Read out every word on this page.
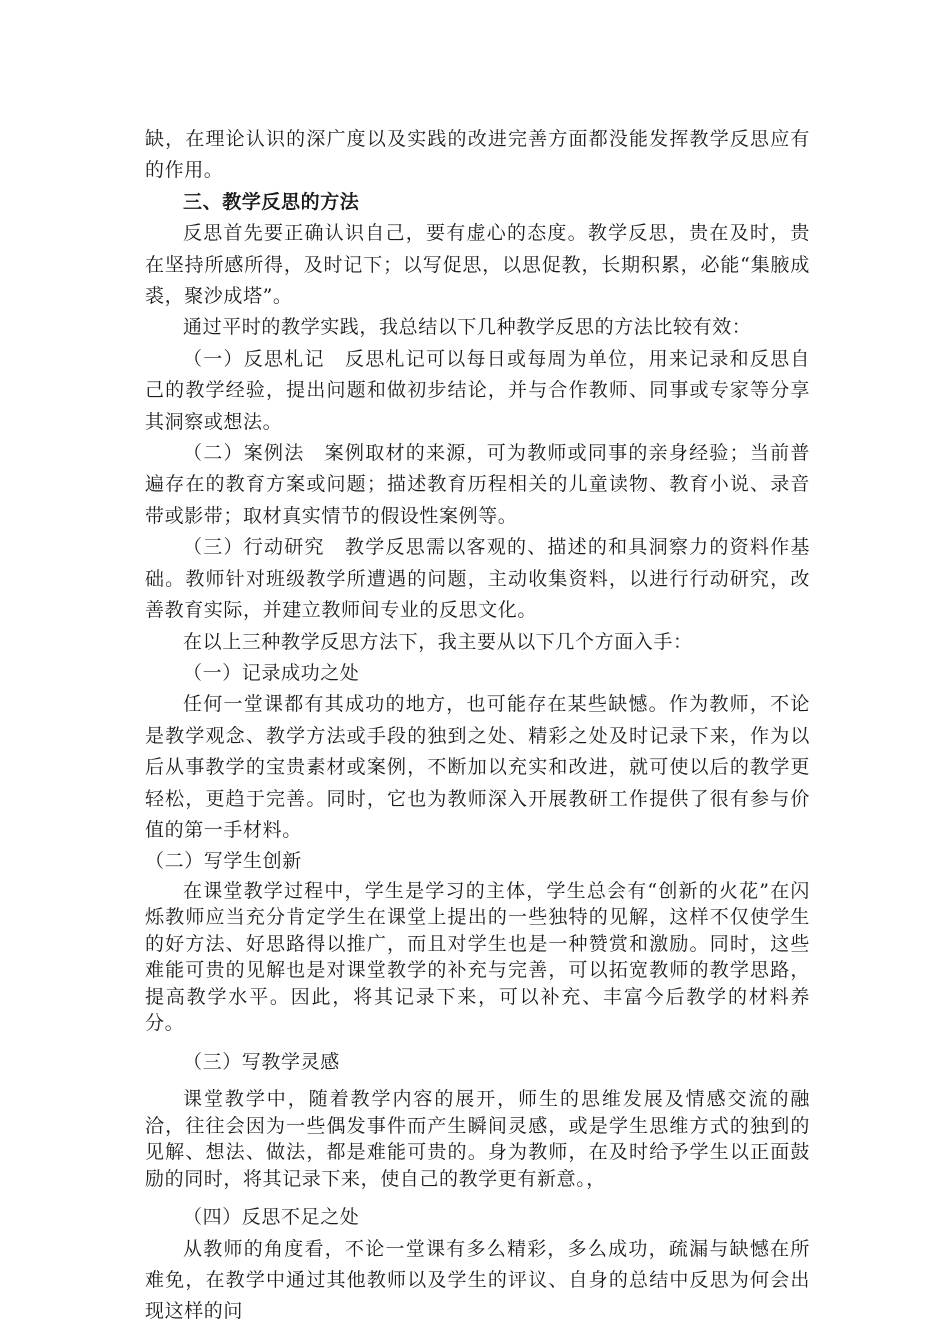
缺，在理论认识的深广度以及实践的改进完善方面都没能发挥教学反思应有的作用。

三、教学反思的方法

反思首先要正确认识自己，要有虚心的态度。教学反思，贵在及时，贵在坚持所感所得，及时记下；以写促思，以思促教，长期积累，必能“集腋成裘，聚沙成塔”。

通过平时的教学实践，我总结以下几种教学反思的方法比较有效：

（一）反思札记　反思札记可以每日或每周为单位，用来记录和反思自己的教学经验，提出问题和做初步结论，并与合作教师、同事或专家等分享其洞察或想法。

（二）案例法　案例取材的来源，可为教师或同事的亲身经验；当前普遍存在的教育方案或问题；描述教育历程相关的儿童读物、教育小说、录音带或影带；取材真实情节的假设性案例等。

（三）行动研究　教学反思需以客观的、描述的和具洞察力的资料作基础。教师针对班级教学所遭遇的问题，主动收集资料，以进行行动研究，改善教育实际，并建立教师间专业的反思文化。

在以上三种教学反思方法下，我主要从以下几个方面入手：

（一）记录成功之处

任何一堂课都有其成功的地方，也可能存在某些缺憾。作为教师，不论是教学观念、教学方法或手段的独到之处、精彩之处及时记录下来，作为以后从事教学的宝贵素材或案例，不断加以充实和改进，就可使以后的教学更轻松，更趋于完善。同时，它也为教师深入开展教研工作提供了很有参与价值的第一手材料。

（二）写学生创新

在课堂教学过程中，学生是学习的主体，学生总会有“创新的火花”在闪烁教师应当充分肯定学生在课堂上提出的一些独特的见解，这样不仅使学生的好方法、好思路得以推广，而且对学生也是一种赞赏和激励。同时，这些难能可贵的见解也是对课堂教学的补充与完善，可以拓宽教师的教学思路，提高教学水平。因此，将其记录下来，可以补充、丰富今后教学的材料养分。

（三）写教学灵感

课堂教学中，随着教学内容的展开，师生的思维发展及情感交流的融洽，往往会因为一些偶发事件而产生瞬间灵感，或是学生思维方式的独到的见解、想法、做法，都是难能可贵的。身为教师，在及时给予学生以正面鼓励的同时，将其记录下来，使自己的教学更有新意。，

（四）反思不足之处

从教师的角度看，不论一堂课有多么精彩，多么成功，疏漏与缺憾在所难免，在教学中通过其他教师以及学生的评议、自身的总结中反思为何会出现这样的问
